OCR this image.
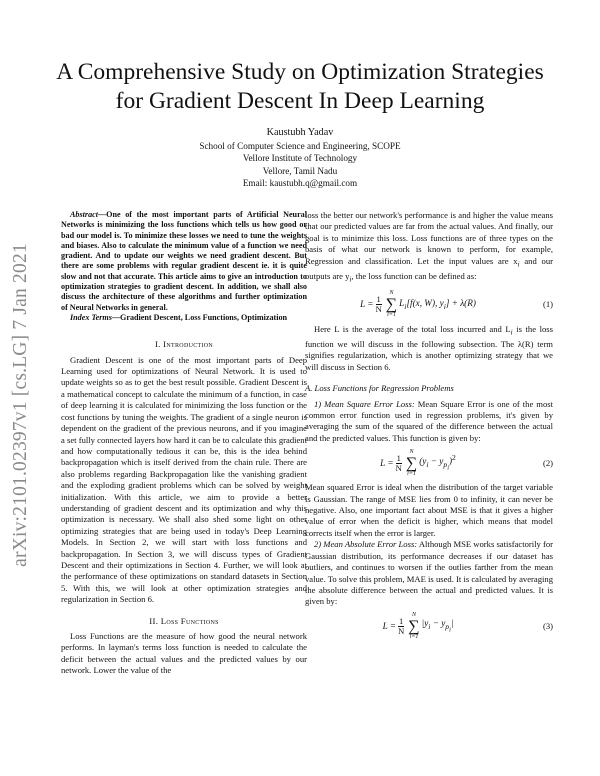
arXiv:2101.02397v1 [cs.LG] 7 Jan 2021
A Comprehensive Study on Optimization Strategies
for Gradient Descent In Deep Learning
Kaustubh Yadav
School of Computer Science and Engineering, SCOPE
Vellore Institute of Technology
Vellore, Tamil Nadu
Email: kaustubh.q@gmail.com

Abstract—One of the most important parts of Artificial Neural Networks is minimizing the loss functions which tells us how good or bad our model is. To minimize these losses we need to tune the weights and biases. Also to calculate the minimum value of a function we need gradient. And to update our weights we need gradient descent. But there are some problems with regular gradient descent ie. it is quite slow and not that accurate. This article aims to give an introduction to optimization strategies to gradient descent. In addition, we shall also discuss the architecture of these algorithms and further optimization of Neural Networks in general.

Index Terms—Gradient Descent, Loss Functions, Optimization

I. Introduction

Gradient Descent is one of the most important parts of Deep Learning used for optimizations of Neural Network. It is used to update weights so as to get the best result possible. Gradient Descent is a mathematical concept to calculate the minimum of a function, in case of deep learning it is calculated for minimizing the loss function or the cost functions by tuning the weights. The gradient of a single neuron is dependent on the gradient of the previous neurons, and if you imagine a set fully connected layers how hard it can be to calculate this gradient and how computationally tedious it can be, this is the idea behind backpropagation which is itself derived from the chain rule. There are also problems regarding Backpropagation like the vanishing gradient and the exploding gradient problems which can be solved by weight initialization. With this article, we aim to provide a better understanding of gradient descent and its optimization and why this optimization is necessary. We shall also shed some light on other optimizing strategies that are being used in today's Deep Learning Models. In Section 2, we will start with loss functions and backpropagation. In Section 3, we will discuss types of Gradient Descent and their optimizations in Section 4. Further, we will look at the performance of these optimizations on standard datasets in Section 5. With this, we will look at other optimization strategies and regularization in Section 6.

II. Loss Functions

Loss Functions are the measure of how good the neural network performs. In layman's terms loss function is needed to calculate the deficit between the actual values and the predicted values by our network. Lower the value of the

loss the better our network's performance is and higher the value means that our predicted values are far from the actual values. And finally, our goal is to minimize this loss. Loss functions are of three types on the basis of what our network is known to perform, for example, Regression and classification. Let the input values are $x_i$ and our outputs are $y_i$, the loss function can be defined as:

$L = \frac{1}{N}$
N
∑
i=1
$L_i[f(x$, W), $y_i] + \lambda(R)$	(1)

Here L is the average of the total loss incurred and $L_i$ is the loss function we will discuss in the following subsection. The λ(R) term signifies regularization, which is another optimizing strategy that we will discuss in Section 6.

A. Loss Functions for Regression Problems

1) Mean Square Error Loss: Mean Square Error is one of the most common error function used in regression problems, it's given by averaging the sum of the squared of the difference between the actual and the predicted values. This function is given by:

$L = \frac{1}{N}$
N
∑
i=1
$(y_i - y_{p_i})^2$	(2)

Mean squared Error is ideal when the distribution of the target variable is Gaussian. The range of MSE lies from 0 to infinity, it can never be negative. Also, one important fact about MSE is that it gives a higher value of error when the deficit is higher, which means that model corrects itself when the error is larger.

2) Mean Absolute Error Loss: Although MSE works satisfactorily for Gaussian distribution, its performance decreases if our dataset has outliers, and continues to worsen if the outlies farther from the mean value. To solve this problem, MAE is used. It is calculated by averaging the absolute difference between the actual and predicted values. It is given by:

$L = \frac{1}{N}$
N
∑
i=1
$|y_i - y_{p_i}|$	(3)
